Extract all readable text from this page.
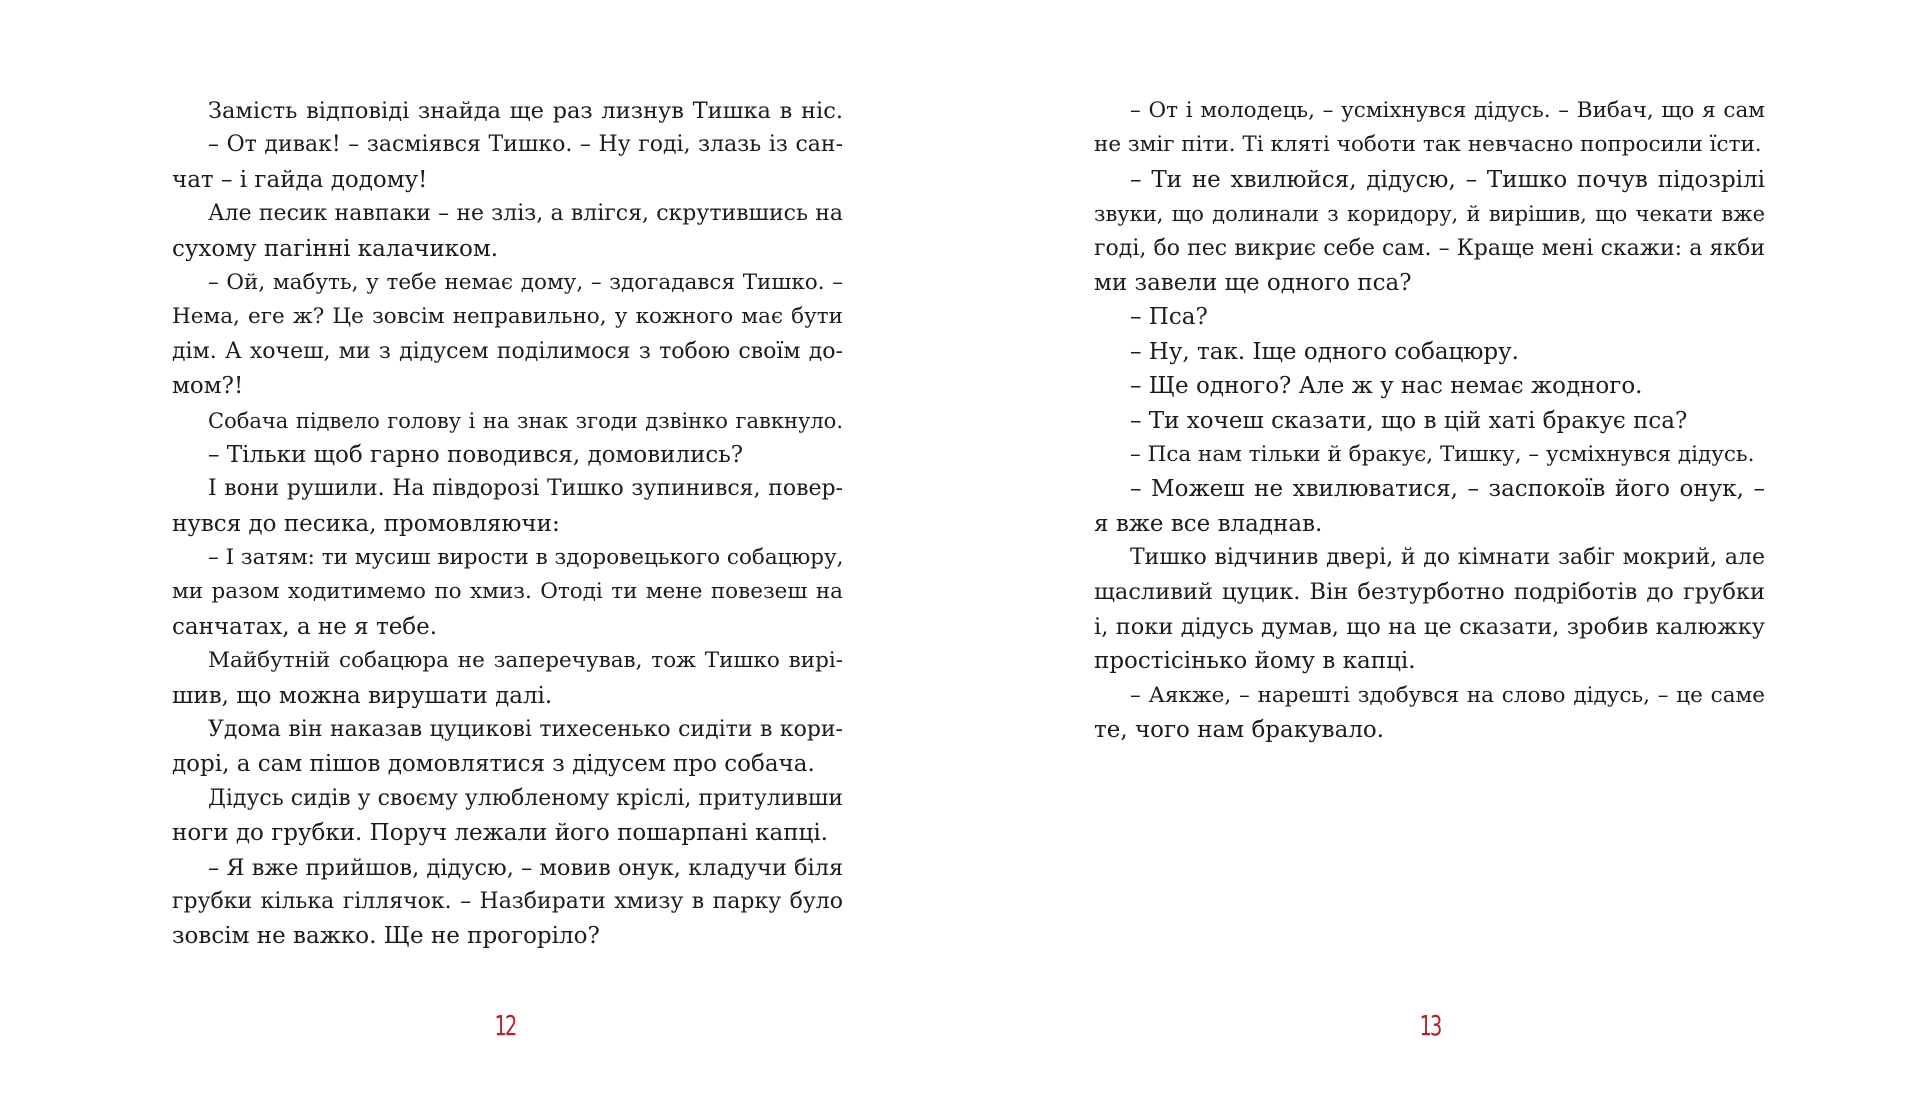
Замість відповіді знайда ще раз лизнув Тишка в ніс.
– От дивак! – засміявся Тишко. – Ну годі, злазь із сан-
чат – і гайда додому!
Але песик навпаки – не зліз, а влігся, скрутившись на
сухому пагінні калачиком.
– Ой, мабуть, у тебе немає дому, – здогадався Тишко. –
Нема, еге ж? Це зовсім неправильно, у кожного має бути
дім. А хочеш, ми з дідусем поділимося з тобою своїм до-
мом?!
Собача підвело голову і на знак згоди дзвінко гавкнуло.
– Тільки щоб гарно поводився, домовились?
І вони рушили. На півдорозі Тишко зупинився, повер-
нувся до песика, промовляючи:
– І затям: ти мусиш вирости в здоровецького собацюру,
ми разом ходитимемо по хмиз. Отоді ти мене повезеш на
санчатах, а не я тебе.
Майбутній собацюра не заперечував, тож Тишко вирі-
шив, що можна вирушати далі.
Удома він наказав цуцикові тихесенько сидіти в кори-
дорі, а сам пішов домовлятися з дідусем про собача.
Дідусь сидів у своєму улюбленому кріслі, притуливши
ноги до грубки. Поруч лежали його пошарпані капці.
– Я вже прийшов, дідусю, – мовив онук, кладучи біля
грубки кілька гіллячок. – Назбирати хмизу в парку було
зовсім не важко. Ще не прогоріло?
12
– От і молодець, – усміхнувся дідусь. – Вибач, що я сам
не зміг піти. Ті кляті чоботи так невчасно попросили їсти.
– Ти не хвилюйся, дідусю, – Тишко почув підозрілі
звуки, що долинали з коридору, й вирішив, що чекати вже
годі, бо пес викриє себе сам. – Краще мені скажи: а якби
ми завели ще одного пса?
– Пса?
– Ну, так. Іще одного собацюру.
– Ще одного? Але ж у нас немає жодного.
– Ти хочеш сказати, що в цій хаті бракує пса?
– Пса нам тільки й бракує, Тишку, – усміхнувся дідусь.
– Можеш не хвилюватися, – заспокоїв його онук, –
я вже все владнав.
Тишко відчинив двері, й до кімнати забіг мокрий, але
щасливий цуцик. Він безтурботно подріботів до грубки
і, поки дідусь думав, що на це сказати, зробив калюжку
простісінько йому в капці.
– Аякже, – нарешті здобувся на слово дідусь, – це саме
те, чого нам бракувало.
13
